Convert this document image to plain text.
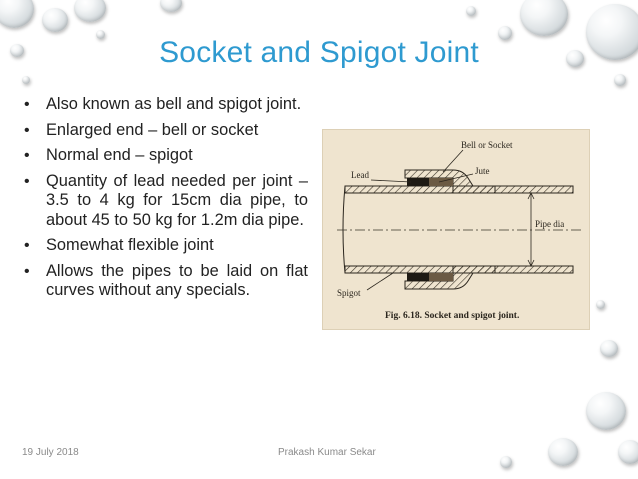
Socket and Spigot Joint
• Also known as bell and spigot joint.
• Enlarged end – bell or socket
• Normal end – spigot
• Quantity of lead needed per joint – 3.5 to 4 kg for 15cm dia pipe, to about 45 to 50 kg for 1.2m dia pipe.
• Somewhat flexible joint
• Allows the pipes to be laid on flat curves without any specials.
Bell or Socket
Lead	Jute
Pipe dia
Spigot
Fig. 6.18. Socket and spigot joint.
19 July 2018	Prakash Kumar Sekar
